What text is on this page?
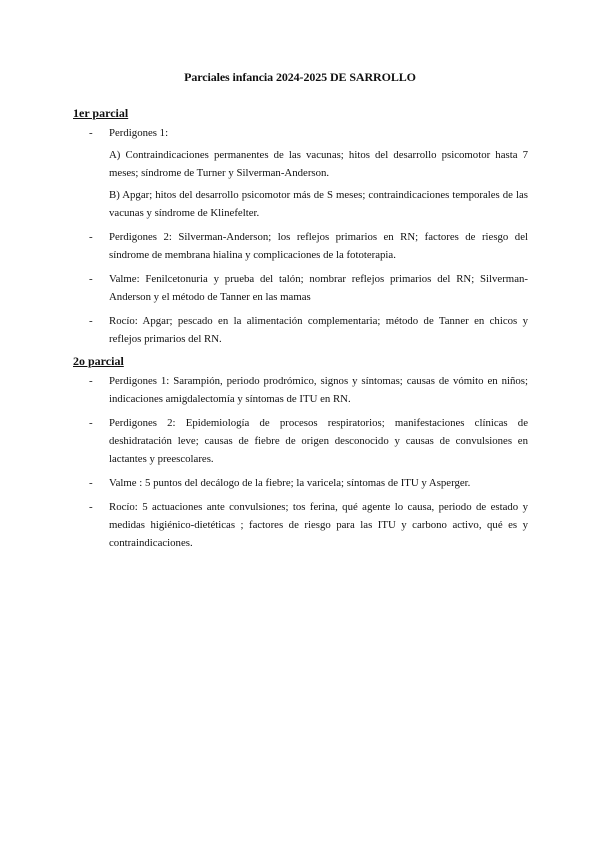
Parciales infancia 2024-2025 DE SARROLLO
1er parcial
- Perdigones 1:
A) Contraindicaciones permanentes de las vacunas; hitos del desarrollo psicomotor hasta 7 meses; síndrome de Turner y Silverman-Anderson.
B) Apgar; hitos del desarrollo psicomotor más de S meses; contraindicaciones temporales de las vacunas y síndrome de Klinefelter.
- Perdigones 2: Silverman-Anderson; los reflejos primarios en RN; factores de riesgo del síndrome de membrana hialina y complicaciones de la fototerapia.
- Valme: Fenilcetonuria y prueba del talón; nombrar reflejos primarios del RN; Silverman-Anderson y el método de Tanner en las mamas
- Rocío: Apgar; pescado en la alimentación complementaria; método de Tanner en chicos y reflejos primarios del RN.
2o parcial
- Perdigones 1: Sarampión, periodo prodrómico, signos y síntomas; causas de vómito en niños; indicaciones amigdalectomía y síntomas de ITU en RN.
- Perdigones 2: Epidemiología de procesos respiratorios; manifestaciones clínicas de deshidratación leve; causas de fiebre de origen desconocido y causas de convulsiones en lactantes y preescolares.
- Valme : 5 puntos del decálogo de la fiebre; la varicela; síntomas de ITU y Asperger.
- Rocío: 5 actuaciones ante convulsiones; tos ferina, qué agente lo causa, periodo de estado y medidas higiénico-dietéticas ; factores de riesgo para las ITU y carbono activo, qué es y contraindicaciones.
